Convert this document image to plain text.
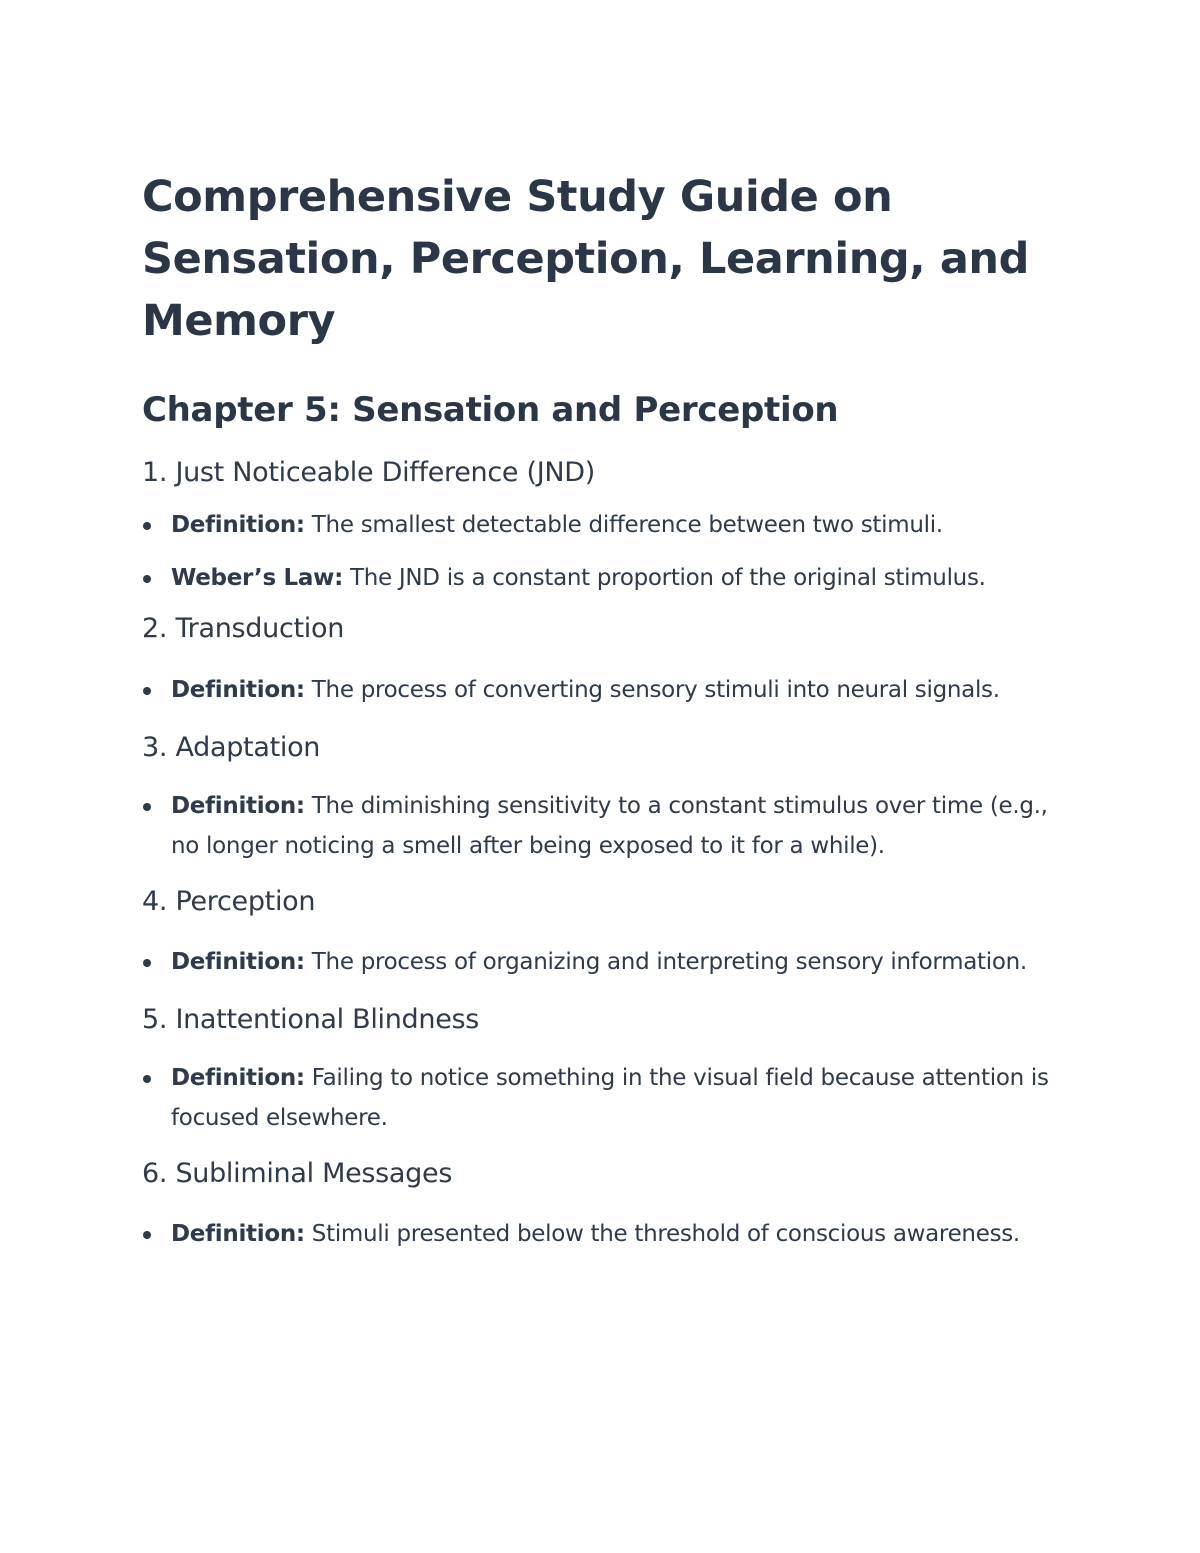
Comprehensive Study Guide on
Sensation, Perception, Learning, and
Memory
Chapter 5: Sensation and Perception
1. Just Noticeable Difference (JND)
Definition: The smallest detectable difference between two stimuli.
Weber’s Law: The JND is a constant proportion of the original stimulus.
2. Transduction
Definition: The process of converting sensory stimuli into neural signals.
3. Adaptation
Definition: The diminishing sensitivity to a constant stimulus over time (e.g., no longer noticing a smell after being exposed to it for a while).
4. Perception
Definition: The process of organizing and interpreting sensory information.
5. Inattentional Blindness
Definition: Failing to notice something in the visual field because attention is focused elsewhere.
6. Subliminal Messages
Definition: Stimuli presented below the threshold of conscious awareness.
